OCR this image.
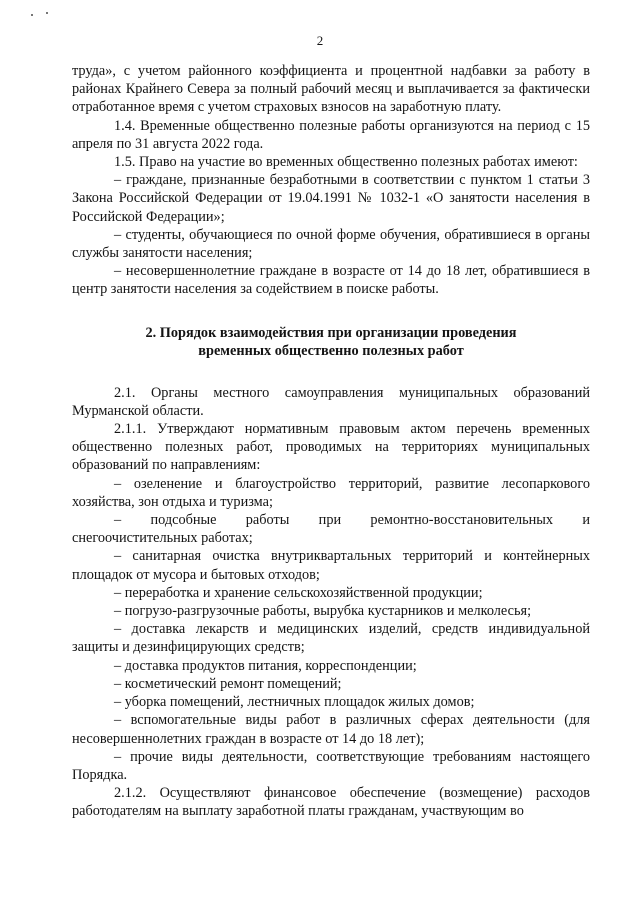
2

труда», с учетом районного коэффициента и процентной надбавки за работу в районах Крайнего Севера за полный рабочий месяц и выплачивается за фактически отработанное время с учетом страховых взносов на заработную плату.

1.4. Временные общественно полезные работы организуются на период с 15 апреля по 31 августа 2022 года.

1.5. Право на участие во временных общественно полезных работах имеют:

– граждане, признанные безработными в соответствии с пунктом 1 статьи 3 Закона Российской Федерации от 19.04.1991 № 1032-1 «О занятости населения в Российской Федерации»;

– студенты, обучающиеся по очной форме обучения, обратившиеся в органы службы занятости населения;

– несовершеннолетние граждане в возрасте от 14 до 18 лет, обратившиеся в центр занятости населения за содействием в поиске работы.

2. Порядок взаимодействия при организации проведения
временных общественно полезных работ

2.1. Органы местного самоуправления муниципальных образований Мурманской области.

2.1.1. Утверждают нормативным правовым актом перечень временных общественно полезных работ, проводимых на территориях муниципальных образований по направлениям:

– озеленение и благоустройство территорий, развитие лесопаркового хозяйства, зон отдыха и туризма;

– подсобные работы при ремонтно-восстановительных и снегоочистительных работах;

– санитарная очистка внутриквартальных территорий и контейнерных площадок от мусора и бытовых отходов;

– переработка и хранение сельскохозяйственной продукции;

– погрузо-разгрузочные работы, вырубка кустарников и мелколесья;

– доставка лекарств и медицинских изделий, средств индивидуальной защиты и дезинфицирующих средств;

– доставка продуктов питания, корреспонденции;

– косметический ремонт помещений;

– уборка помещений, лестничных площадок жилых домов;

– вспомогательные виды работ в различных сферах деятельности (для несовершеннолетних граждан в возрасте от 14 до 18 лет);

– прочие виды деятельности, соответствующие требованиям настоящего Порядка.

2.1.2. Осуществляют финансовое обеспечение (возмещение) расходов работодателям на выплату заработной платы гражданам, участвующим во
